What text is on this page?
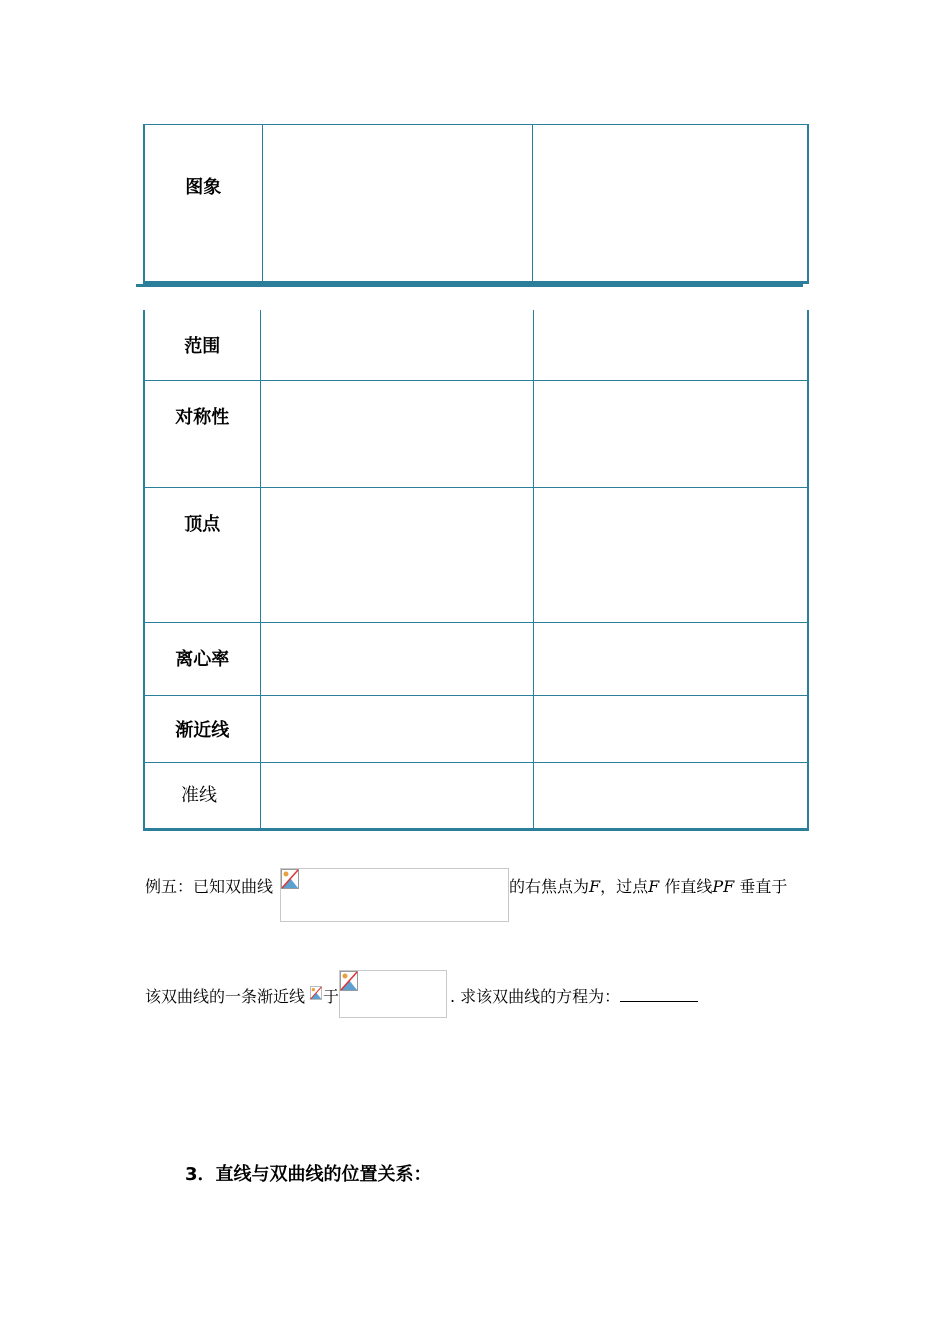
图象

范围		

对称性		

顶点		

离心率		

渐近线		

准线		

例五：已知双曲线	的右焦点为F，过点F 作直线PF 垂直于
该双曲线的一条渐近线 于	. 求该双曲线的方程为：
3．直线与双曲线的位置关系：
